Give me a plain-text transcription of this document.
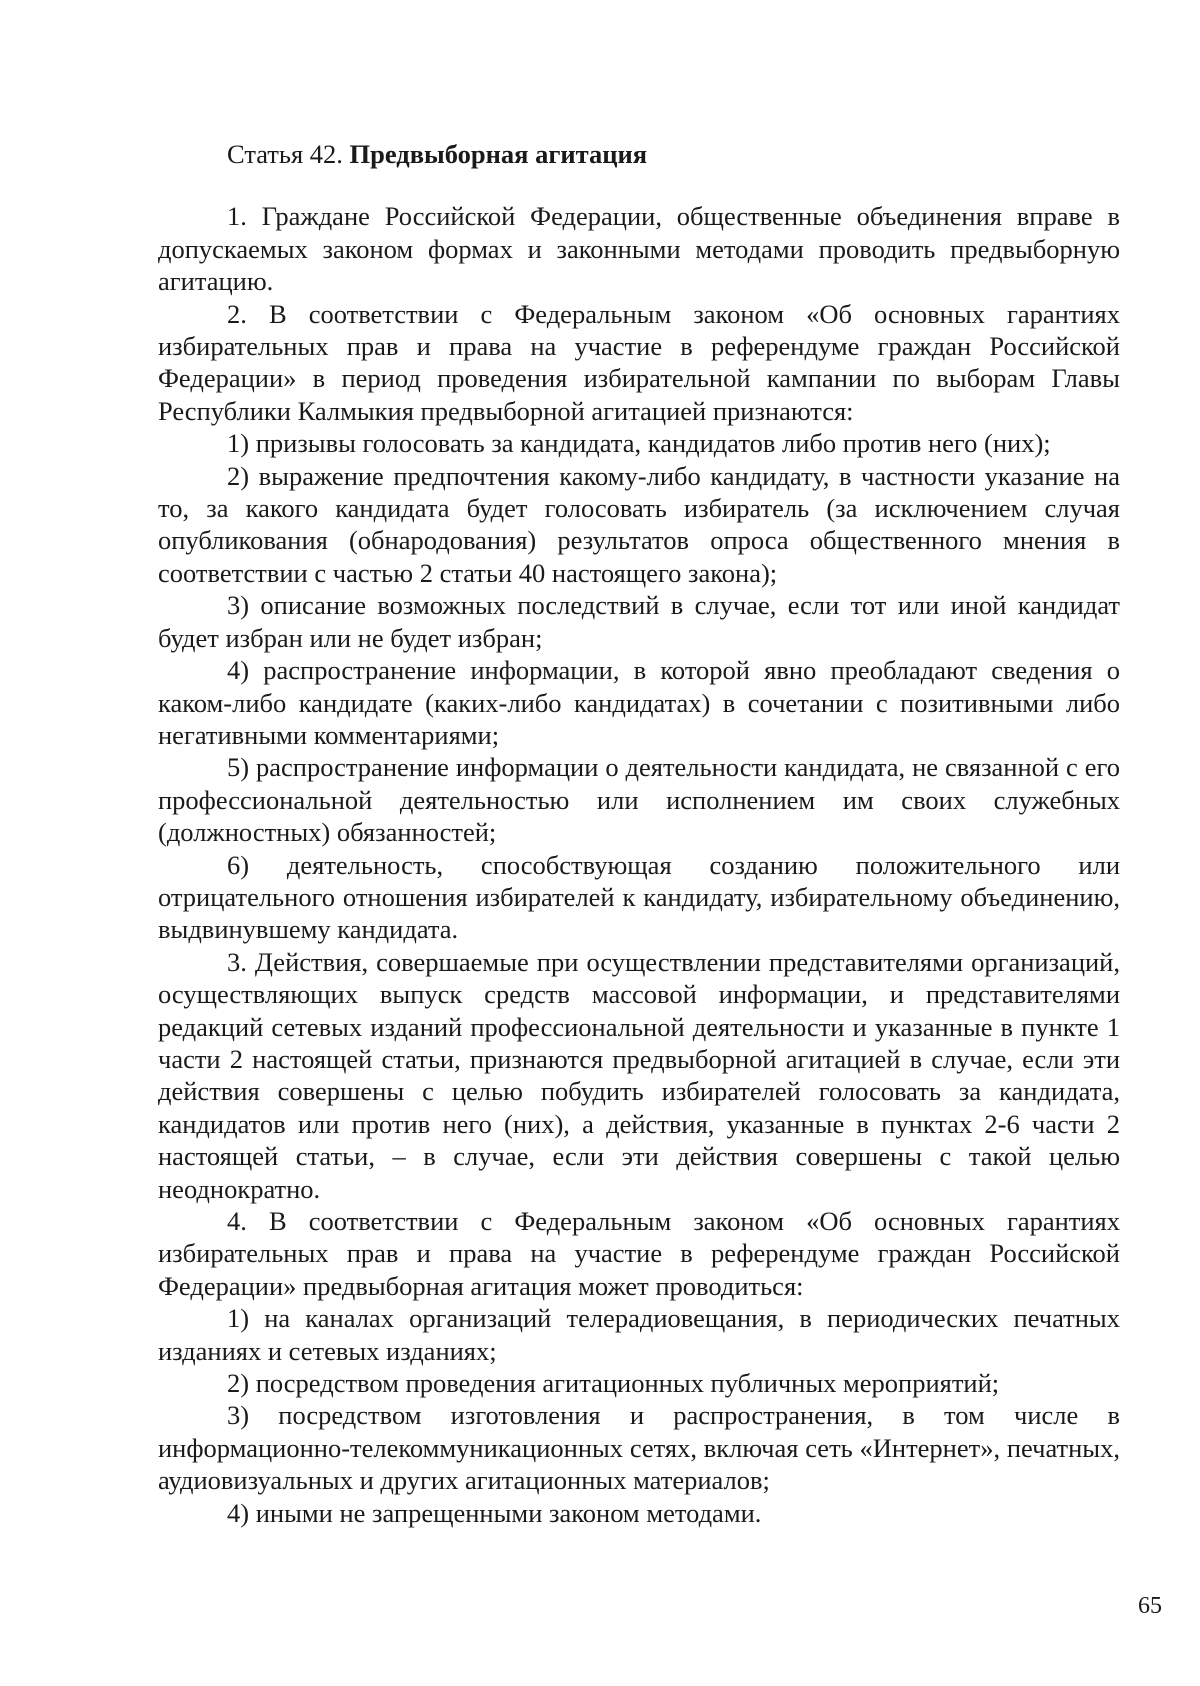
Статья 42. Предвыборная агитация

1. Граждане Российской Федерации, общественные объединения вправе в допускаемых законом формах и законными методами проводить предвыборную агитацию.

2. В соответствии с Федеральным законом «Об основных гарантиях избирательных прав и права на участие в референдуме граждан Российской Федерации» в период проведения избирательной кампании по выборам Главы Республики Калмыкия предвыборной агитацией признаются:

1) призывы голосовать за кандидата, кандидатов либо против него (них);

2) выражение предпочтения какому-либо кандидату, в частности указание на то, за какого кандидата будет голосовать избиратель (за исключением случая опубликования (обнародования) результатов опроса общественного мнения в соответствии с частью 2 статьи 40 настоящего закона);

3) описание возможных последствий в случае, если тот или иной кандидат будет избран или не будет избран;

4) распространение информации, в которой явно преобладают сведения о каком-либо кандидате (каких-либо кандидатах) в сочетании с позитивными либо негативными комментариями;

5) распространение информации о деятельности кандидата, не связанной с его профессиональной деятельностью или исполнением им своих служебных (должностных) обязанностей;

6) деятельность, способствующая созданию положительного или отрицательного отношения избирателей к кандидату, избирательному объединению, выдвинувшему кандидата.

3. Действия, совершаемые при осуществлении представителями организаций, осуществляющих выпуск средств массовой информации, и представителями редакций сетевых изданий профессиональной деятельности и указанные в пункте 1 части 2 настоящей статьи, признаются предвыборной агитацией в случае, если эти действия совершены с целью побудить избирателей голосовать за кандидата, кандидатов или против него (них), а действия, указанные в пунктах 2-6 части 2 настоящей статьи, – в случае, если эти действия совершены с такой целью неоднократно.

4. В соответствии с Федеральным законом «Об основных гарантиях избирательных прав и права на участие в референдуме граждан Российской Федерации» предвыборная агитация может проводиться:

1) на каналах организаций телерадиовещания, в периодических печатных изданиях и сетевых изданиях;

2) посредством проведения агитационных публичных мероприятий;

3) посредством изготовления и распространения, в том числе в информационно-телекоммуникационных сетях, включая сеть «Интернет», печатных, аудиовизуальных и других агитационных материалов;

4) иными не запрещенными законом методами.

65
